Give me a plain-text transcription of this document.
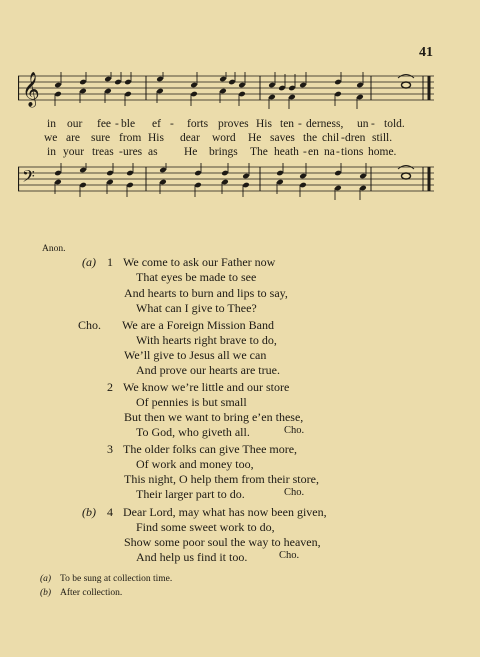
41
𝄞
in our fee - ble ef - forts proves His ten - derness, un - told.
we are sure from His dear word He saves the chil - dren still.
in your treas - ures as He brings The heath - en na - tions home.
𝄢
Anon.
(a) 1 We come to ask our Father now
That eyes be made to see
And hearts to burn and lips to say,
What can I give to Thee?
Cho. We are a Foreign Mission Band
With hearts right brave to do,
We’ll give to Jesus all we can
And prove our hearts are true.
2 We know we’re little and our store
Of pennies is but small
But then we want to bring e’en these,
To God, who giveth all.	Cho.
3 The older folks can give Thee more,
Of work and money too,
This night, O help them from their store,
Their larger part to do.	Cho.
(b) 4 Dear Lord, may what has now been given,
Find some sweet work to do,
Show some poor soul the way to heaven,
And help us find it too.	Cho.
(a) To be sung at collection time.
(b) After collection.
